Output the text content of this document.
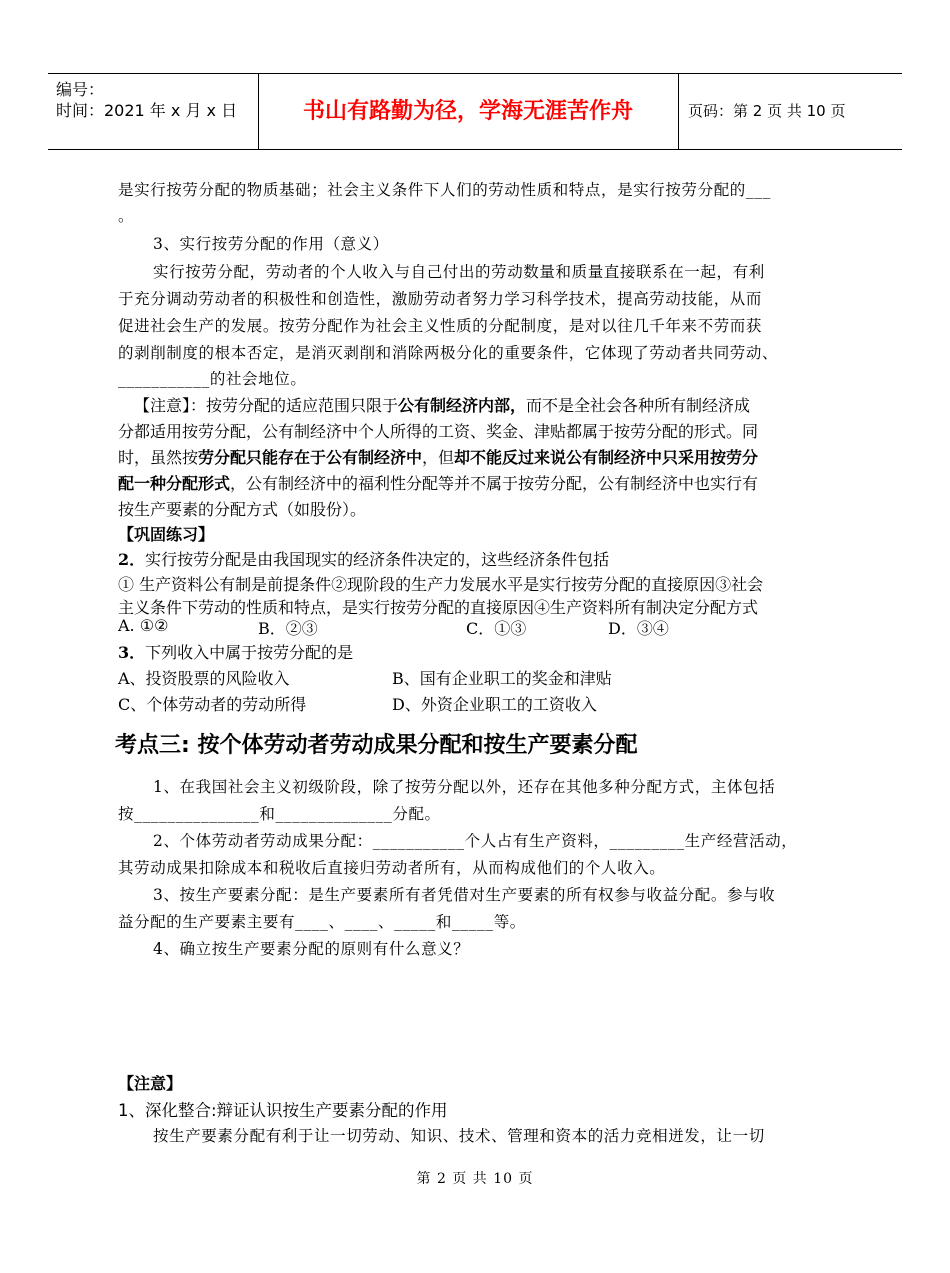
编号：
时间：2021 年 x 月 x 日	书山有路勤为径，学海无涯苦作舟	页码：第 2 页 共 10 页
是实行按劳分配的物质基础；社会主义条件下人们的劳动性质和特点，是实行按劳分配的___
。
3、实行按劳分配的作用（意义）
实行按劳分配，劳动者的个人收入与自己付出的劳动数量和质量直接联系在一起，有利
于充分调动劳动者的积极性和创造性，激励劳动者努力学习科学技术，提高劳动技能，从而
促进社会生产的发展。按劳分配作为社会主义性质的分配制度，是对以往几千年来不劳而获
的剥削制度的根本否定，是消灭剥削和消除两极分化的重要条件，它体现了劳动者共同劳动、
___________的社会地位。
【注意】：按劳分配的适应范围只限于公有制经济内部，而不是全社会各种所有制经济成
分都适用按劳分配，公有制经济中个人所得的工资、奖金、津贴都属于按劳分配的形式。同
时，虽然按劳分配只能存在于公有制经济中，但却不能反过来说公有制经济中只采用按劳分
配一种分配形式，公有制经济中的福利性分配等并不属于按劳分配，公有制经济中也实行有
按生产要素的分配方式（如股份）。
【巩固练习】
2．实行按劳分配是由我国现实的经济条件决定的，这些经济条件包括
① 生产资料公有制是前提条件②现阶段的生产力发展水平是实行按劳分配的直接原因③社会
主义条件下劳动的性质和特点，是实行按劳分配的直接原因④生产资料所有制决定分配方式
A. ①②	B．②③	C．①③	D．③④
3．下列收入中属于按劳分配的是
A、投资股票的风险收入	B、国有企业职工的奖金和津贴
C、个体劳动者的劳动所得	D、外资企业职工的工资收入
考点三: 按个体劳动者劳动成果分配和按生产要素分配
1、在我国社会主义初级阶段，除了按劳分配以外，还存在其他多种分配方式，主体包括
按_______________和______________分配。
2、个体劳动者劳动成果分配：___________个人占有生产资料，_________生产经营活动，
其劳动成果扣除成本和税收后直接归劳动者所有，从而构成他们的个人收入。
3、按生产要素分配：是生产要素所有者凭借对生产要素的所有权参与收益分配。参与收
益分配的生产要素主要有____、____、_____和_____等。
4、确立按生产要素分配的原则有什么意义？
【注意】
1、深化整合:辩证认识按生产要素分配的作用
按生产要素分配有利于让一切劳动、知识、技术、管理和资本的活力竞相迸发，让一切
第 2 页 共 10 页
